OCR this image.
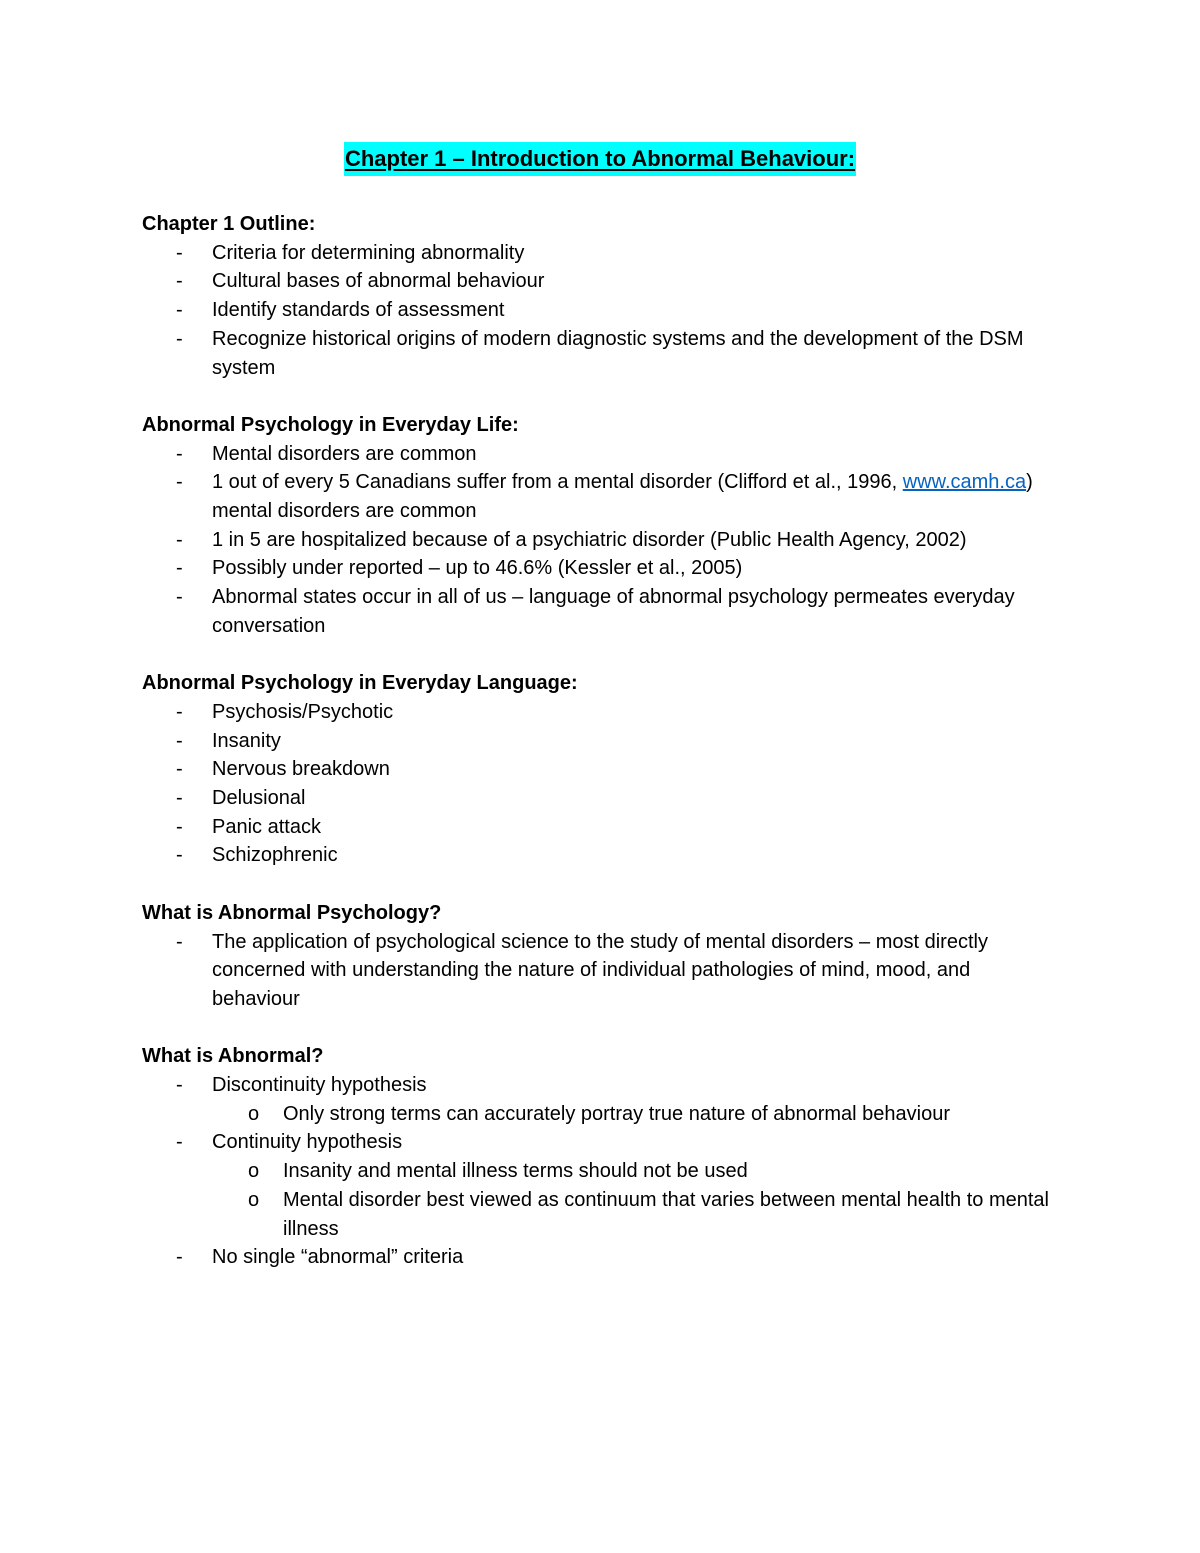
Chapter 1 – Introduction to Abnormal Behaviour:
Chapter 1 Outline:
- Criteria for determining abnormality
- Cultural bases of abnormal behaviour
- Identify standards of assessment
- Recognize historical origins of modern diagnostic systems and the development of the DSM system
Abnormal Psychology in Everyday Life:
- Mental disorders are common
- 1 out of every 5 Canadians suffer from a mental disorder (Clifford et al., 1996, www.camh.ca) mental disorders are common
- 1 in 5 are hospitalized because of a psychiatric disorder (Public Health Agency, 2002)
- Possibly under reported – up to 46.6% (Kessler et al., 2005)
- Abnormal states occur in all of us – language of abnormal psychology permeates everyday conversation
Abnormal Psychology in Everyday Language:
- Psychosis/Psychotic
- Insanity
- Nervous breakdown
- Delusional
- Panic attack
- Schizophrenic
What is Abnormal Psychology?
- The application of psychological science to the study of mental disorders – most directly concerned with understanding the nature of individual pathologies of mind, mood, and behaviour
What is Abnormal?
- Discontinuity hypothesis
o Only strong terms can accurately portray true nature of abnormal behaviour
- Continuity hypothesis
o Insanity and mental illness terms should not be used
o Mental disorder best viewed as continuum that varies between mental health to mental illness
- No single “abnormal” criteria
